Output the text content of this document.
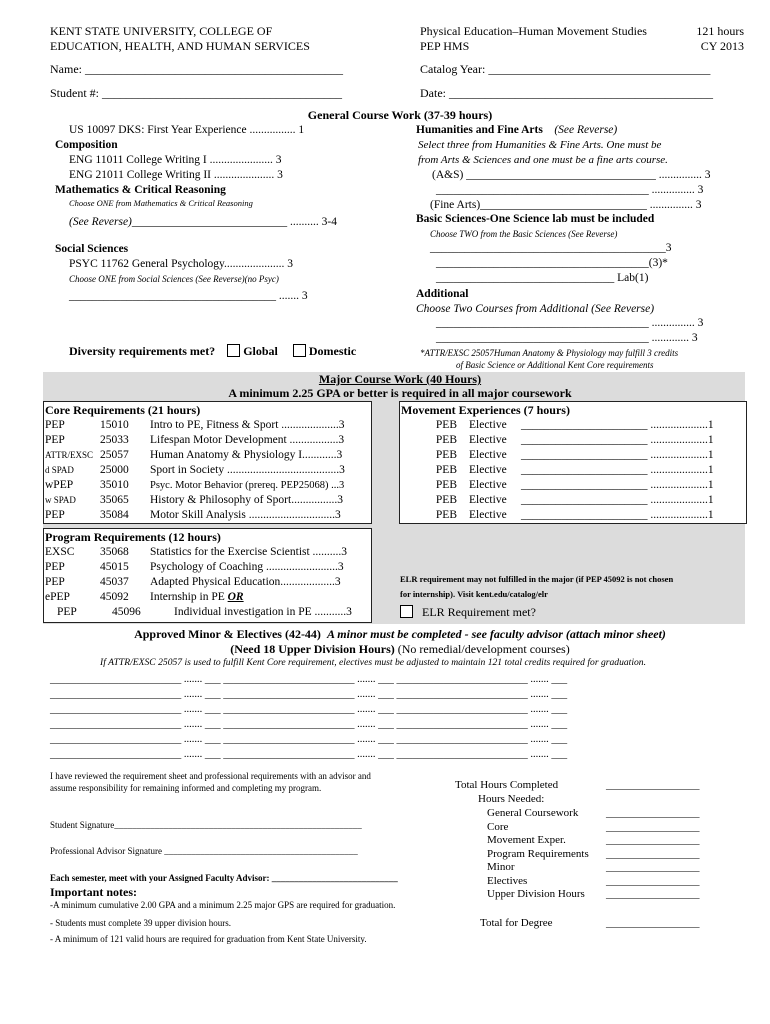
KENT STATE UNIVERSITY, COLLEGE OF
EDUCATION, HEALTH, AND HUMAN SERVICES
Physical Education–Human Movement Studies
PEP HMS
121 hours
CY 2013
Name: ___________________________________________	Catalog Year: _____________________________________
Student #: ________________________________________	Date: ____________________________________________
General Course Work (37-39 hours)
US 10097 DKS: First Year Experience ................ 1
Composition
ENG 11011 College Writing I ...................... 3
ENG 21011 College Writing II ..................... 3
Mathematics & Critical Reasoning
Choose ONE from Mathematics & Critical Reasoning
(See Reverse)___________________________ .......... 3-4
Social Sciences
PSYC 11762 General Psychology..................... 3
Choose ONE from Social Sciences (See Reverse)(no Psyc)
____________________________________ ....... 3
Diversity requirements met? Global	Domestic
Humanities and Fine Arts (See Reverse)
Select three from Humanities & Fine Arts. One must be
from Arts & Sciences and one must be a fine arts course.
(A&S) _________________________________ ............... 3
_____________________________________ ............... 3
(Fine Arts)_____________________________ ............... 3
Basic Sciences-One Science lab must be included
Choose TWO from the Basic Sciences (See Reverse)
_________________________________________3
_____________________________________(3)*
_______________________________ Lab(1)
Additional
Choose Two Courses from Additional (See Reverse)
_____________________________________ ............... 3
_____________________________________ ............. 3
*ATTR/EXSC 25057Human Anatomy & Physiology may fulfill 3 credits
of Basic Science or Additional Kent Core requirements
Major Course Work (40 Hours)
A minimum 2.25 GPA or better is required in all major coursework
Core Requirements (21 hours)
PEP	15010 Intro to PE, Fitness & Sport ....................3
PEP	25033 Lifespan Motor Development .................3
ATTR/EXSC 25057 Human Anatomy & Physiology I............3
d SPAD 25000 Sport in Society .......................................3
wPEP 35010 Psyc. Motor Behavior (prereq. PEP25068) ...3
w SPAD 35065 History & Philosophy of Sport................3
PEP	35084 Motor Skill Analysis ..............................3
Movement Experiences (7 hours)
PEB Elective ______________________ ....................1
PEB Elective ______________________ ....................1
PEB Elective ______________________ ....................1
PEB Elective ______________________ ....................1
PEB Elective ______________________ ....................1
PEB Elective ______________________ ....................1
PEB Elective ______________________ ....................1
Program Requirements (12 hours)
EXSC 35068 Statistics for the Exercise Scientist ..........3
PEP	45015 Psychology of Coaching .........................3
PEP	45037 Adapted Physical Education...................3
ePEP	45092 Internship in PE OR
PEP	45096	Individual investigation in PE ...........3
ELR requirement may not fulfilled in the major (if PEP 45092 is not chosen
for internship). Visit kent.edu/catalog/elr
ELR Requirement met?
Approved Minor & Electives (42-44) A minor must be completed - see faculty advisor (attach minor sheet)
(Need 18 Upper Division Hours) (No remedial/development courses)
If ATTR/EXSC 25057 is used to fulfill Kent Core requirement, electives must be adjusted to maintain 121 total credits required for graduation.
_________________________ ....... ___ _________________________ ....... ___ _________________________ ....... ___
_________________________ ....... ___ _________________________ ....... ___ _________________________ ....... ___
_________________________ ....... ___ _________________________ ....... ___ _________________________ ....... ___
_________________________ ....... ___ _________________________ ....... ___ _________________________ ....... ___
_________________________ ....... ___ _________________________ ....... ___ _________________________ ....... ___
_________________________ ....... ___ _________________________ ....... ___ _________________________ ....... ___
I have reviewed the requirement sheet and professional requirements with an advisor and
assume responsibility for remaining informed and completing my program.
Student Signature_______________________________________________________
Professional Advisor Signature ___________________________________________
Each semester, meet with your Assigned Faculty Advisor: ____________________________
Important notes:
-A minimum cumulative 2.00 GPA and a minimum 2.25 major GPS are required for graduation.
- Students must complete 39 upper division hours.
- A minimum of 121 valid hours are required for graduation from Kent State University.
Total Hours Completed	_________________
Hours Needed:
General Coursework	_________________
Core	_________________
Movement Exper.	_________________
Program Requirements _________________
Minor	_________________
Electives	_________________
Upper Division Hours _________________
Total for Degree	_________________
